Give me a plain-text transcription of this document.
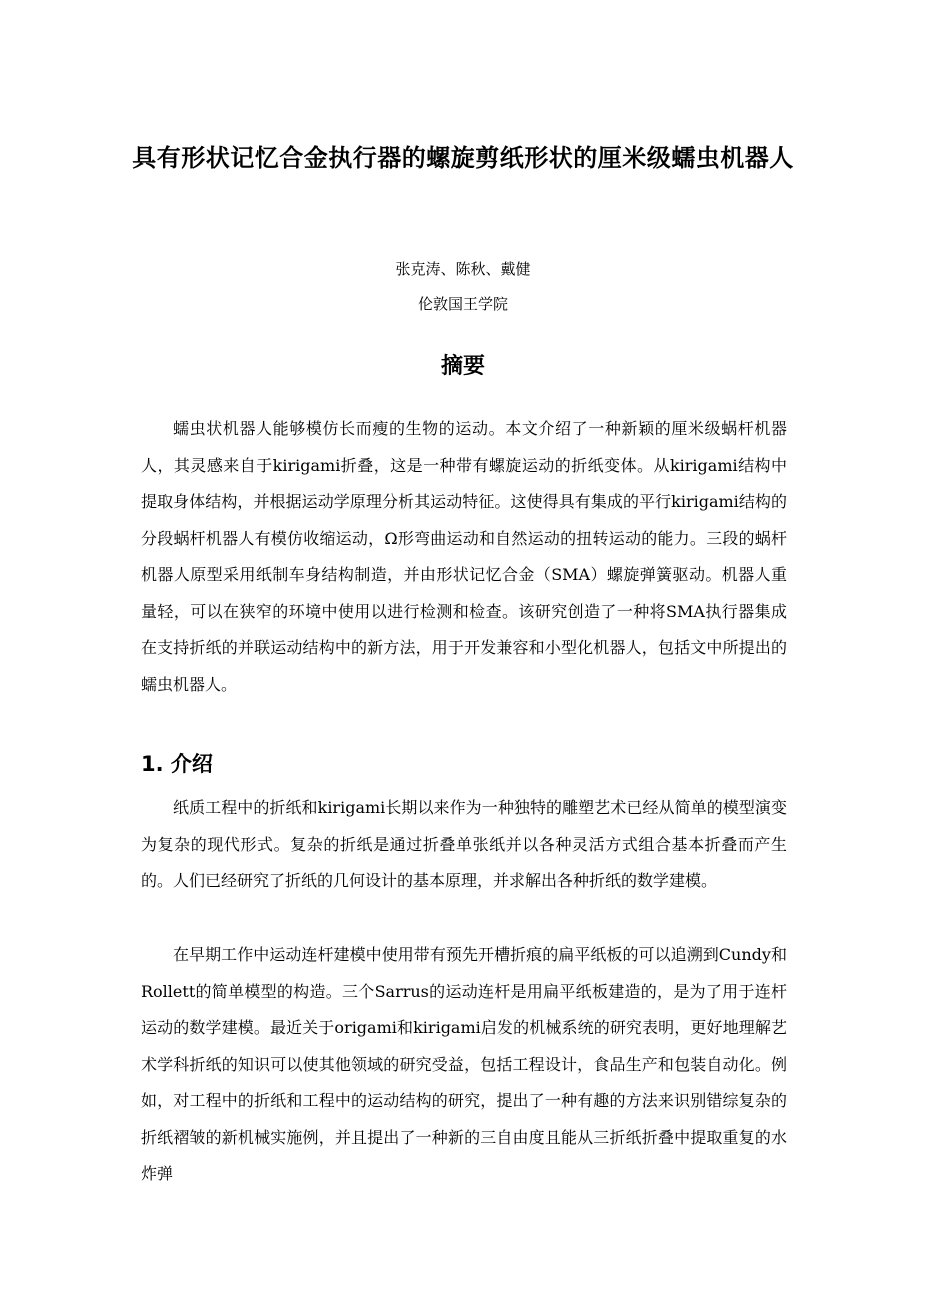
具有形状记忆合金执行器的螺旋剪纸形状的厘米级蠕虫机器人
张克涛、陈秋、戴健
伦敦国王学院
摘要

蠕虫状机器人能够模仿长而瘦的生物的运动。本文介绍了一种新颖的厘米级蜗杆机器人，其灵感来自于kirigami折叠，这是一种带有螺旋运动的折纸变体。从kirigami结构中提取身体结构，并根据运动学原理分析其运动特征。这使得具有集成的平行kirigami结构的分段蜗杆机器人有模仿收缩运动，Ω形弯曲运动和自然运动的扭转运动的能力。三段的蜗杆机器人原型采用纸制车身结构制造，并由形状记忆合金（SMA）螺旋弹簧驱动。机器人重量轻，可以在狭窄的环境中使用以进行检测和检查。该研究创造了一种将SMA执行器集成在支持折纸的并联运动结构中的新方法，用于开发兼容和小型化机器人，包括文中所提出的蠕虫机器人。

1. 介绍

纸质工程中的折纸和kirigami长期以来作为一种独特的雕塑艺术已经从简单的模型演变为复杂的现代形式。复杂的折纸是通过折叠单张纸并以各种灵活方式组合基本折叠而产生的。人们已经研究了折纸的几何设计的基本原理，并求解出各种折纸的数学建模。

在早期工作中运动连杆建模中使用带有预先开槽折痕的扁平纸板的可以追溯到Cundy和Rollett的简单模型的构造。三个Sarrus的运动连杆是用扁平纸板建造的，是为了用于连杆运动的数学建模。最近关于origami和kirigami启发的机械系统的研究表明，更好地理解艺术学科折纸的知识可以使其他领域的研究受益，包括工程设计，食品生产和包装自动化。例如，对工程中的折纸和工程中的运动结构的研究，提出了一种有趣的方法来识别错综复杂的折纸褶皱的新机械实施例，并且提出了一种新的三自由度且能从三折纸折叠中提取重复的水炸弹
